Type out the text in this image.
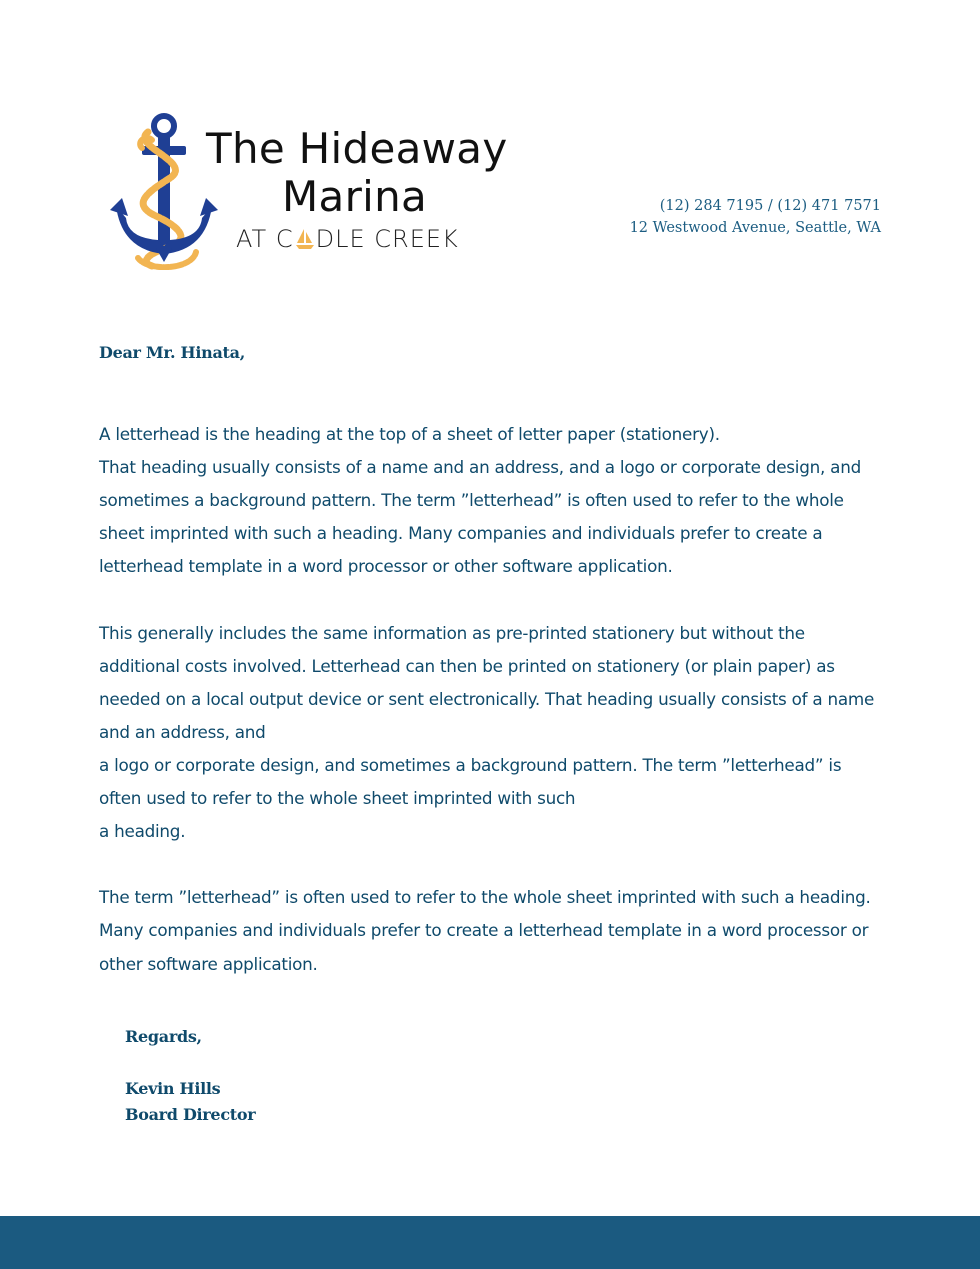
The Hideaway
Marina
AT C DLE CREEK
(12) 284 7195 / (12) 471 7571
12 Westwood Avenue, Seattle, WA
Dear Mr. Hinata,

A letterhead is the heading at the top of a sheet of letter paper (stationery).

That heading usually consists of a name and an address, and a logo or corporate design, and

sometimes a background pattern. The term ”letterhead” is often used to refer to the whole

sheet imprinted with such a heading. Many companies and individuals prefer to create a

letterhead template in a word processor or other software application.

This generally includes the same information as pre-printed stationery but without the

additional costs involved. Letterhead can then be printed on stationery (or plain paper) as

needed on a local output device or sent electronically. That heading usually consists of a name

and an address, and

a logo or corporate design, and sometimes a background pattern. The term ”letterhead” is

often used to refer to the whole sheet imprinted with such

a heading.

The term ”letterhead” is often used to refer to the whole sheet imprinted with such a heading.

Many companies and individuals prefer to create a letterhead template in a word processor or

other software application.

Regards,
Kevin Hills
Board Director
